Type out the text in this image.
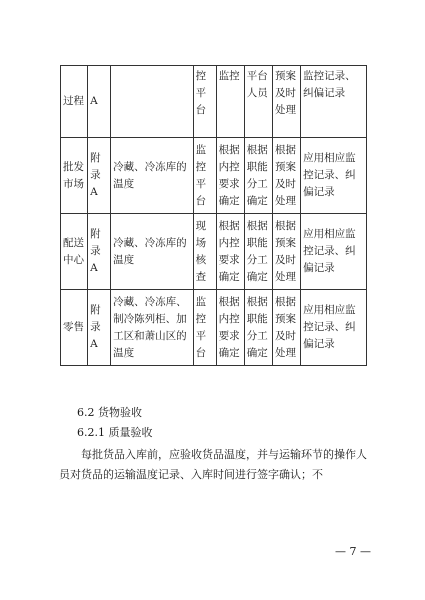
过程	A		控平台	监控	平台人员	预案及时处理	监控记录、纠偏记录
批发市场	附录A	冷藏、冷冻库的温度	监控平台	根据内控要求确定	根据职能分工确定	根据预案及时处理	应用相应监控记录、纠偏记录
配送中心	附录A	冷藏、冷冻库的温度	现场核查	根据内控要求确定	根据职能分工确定	根据预案及时处理	应用相应监控记录、纠偏记录
零售	附录A	冷藏、冷冻库、制冷陈列柜、加工区和萧山区的温度	监控平台	根据内控要求确定	根据职能分工确定	根据预案及时处理	应用相应监控记录、纠偏记录
6.2 货物验收
6.2.1 质量验收
每批货品入库前，应验收货品温度，并与运输环节的操作人员对货品的运输温度记录、入库时间进行签字确认；不
— 7 —
